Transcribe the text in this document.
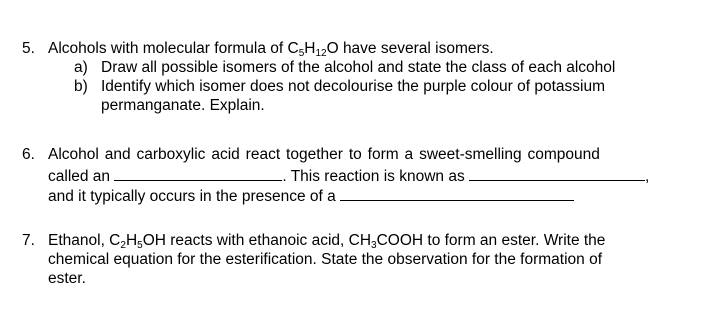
5. Alcohols with molecular formula of $C_5H_{12}O$ have several isomers.
a) Draw all possible isomers of the alcohol and state the class of each alcohol
b) Identify which isomer does not decolourise the purple colour of potassium
permanganate. Explain.
6. Alcohol and carboxylic acid react together to form a sweet-smelling compound
called an	. This reaction is known as	,
and it typically occurs in the presence of a
7. Ethanol, $C_2H_5OH$ reacts with ethanoic acid, $CH_3COOH$ to form an ester. Write the
chemical equation for the esterification. State the observation for the formation of
ester.
